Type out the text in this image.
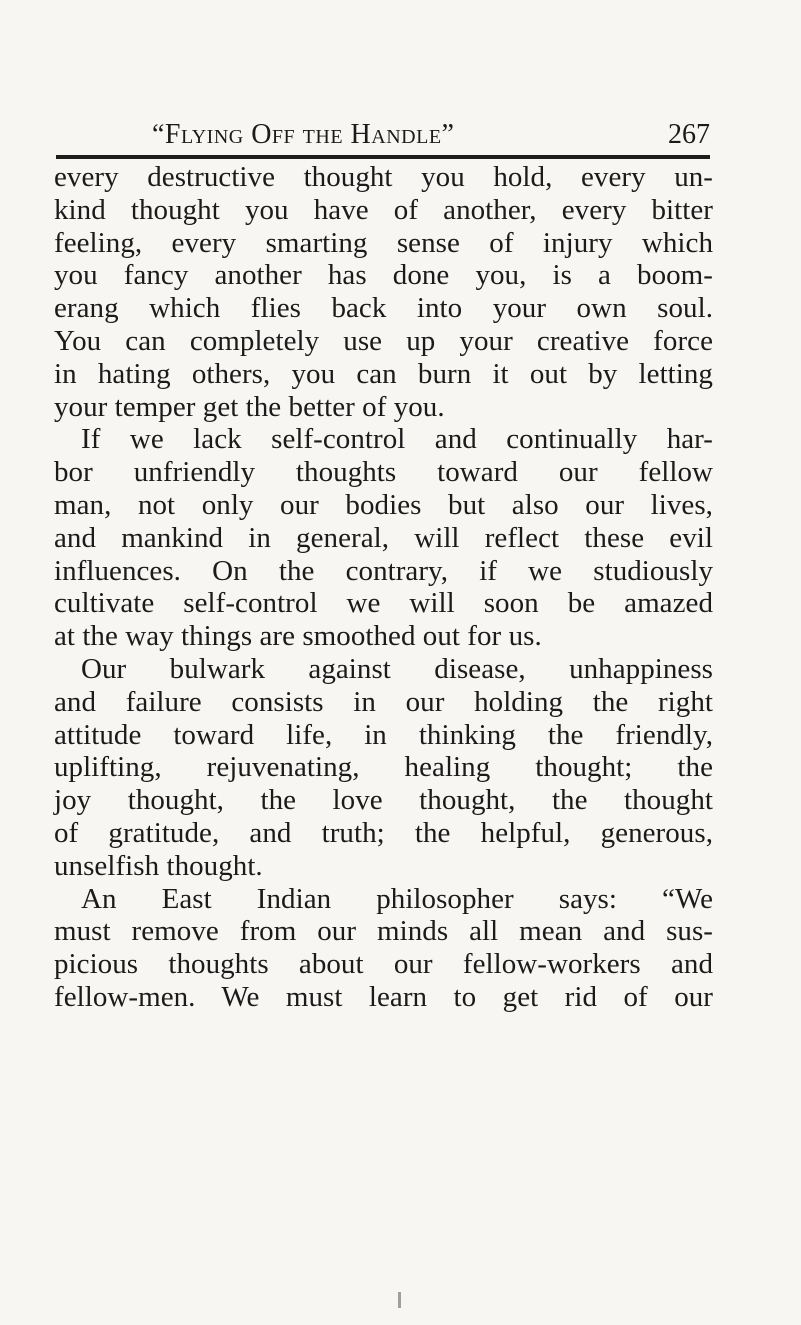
“Flying Off the Handle”	267
every destructive thought you hold, every un-
kind thought you have of another, every bitter
feeling, every smarting sense of injury which
you fancy another has done you, is a boom-
erang which flies back into your own soul.
You can completely use up your creative force
in hating others, you can burn it out by letting
your temper get the better of you.
If we lack self-control and continually har-
bor unfriendly thoughts toward our fellow
man, not only our bodies but also our lives,
and mankind in general, will reflect these evil
influences. On the contrary, if we studiously
cultivate self-control we will soon be amazed
at the way things are smoothed out for us.
Our bulwark against disease, unhappiness
and failure consists in our holding the right
attitude toward life, in thinking the friendly,
uplifting, rejuvenating, healing thought; the
joy thought, the love thought, the thought
of gratitude, and truth; the helpful, generous,
unselfish thought.
An East Indian philosopher says: “We
must remove from our minds all mean and sus-
picious thoughts about our fellow-workers and
fellow-men. We must learn to get rid of our
